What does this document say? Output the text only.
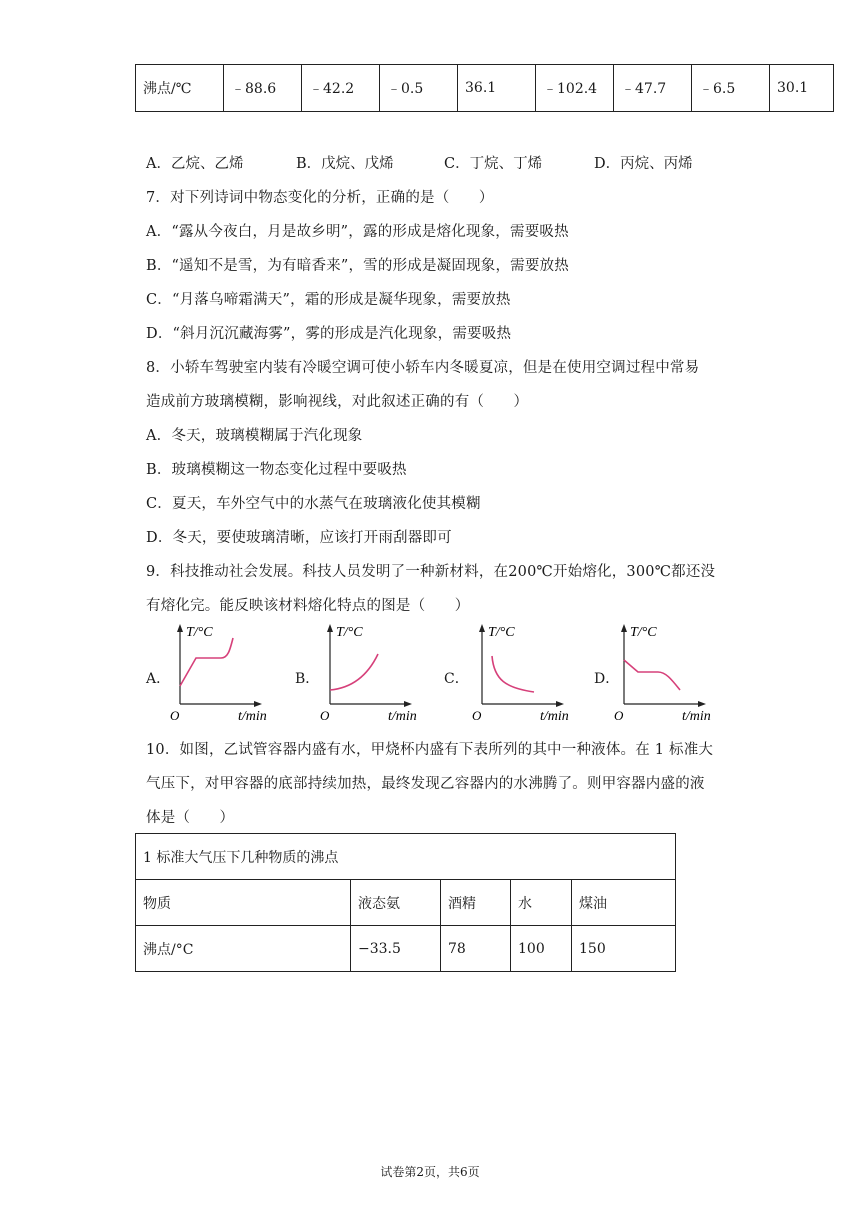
沸点/℃	﹣88.6	﹣42.2	﹣0.5	36.1	﹣102.4	﹣47.7	﹣6.5	30.1
A．乙烷、乙烯	B．戊烷、戊烯	C．丁烷、丁烯	D．丙烷、丙烯
7．对下列诗词中物态变化的分析，正确的是（　　）
A．“露从今夜白，月是故乡明”，露的形成是熔化现象，需要吸热
B．“遥知不是雪，为有暗香来”，雪的形成是凝固现象，需要放热
C．“月落乌啼霜满天”，霜的形成是凝华现象，需要放热
D．“斜月沉沉藏海雾”，雾的形成是汽化现象，需要吸热
8．小轿车驾驶室内装有冷暖空调可使小轿车内冬暖夏凉，但是在使用空调过程中常易
造成前方玻璃模糊，影响视线，对此叙述正确的有（　　）
A．冬天，玻璃模糊属于汽化现象
B．玻璃模糊这一物态变化过程中要吸热
C．夏天，车外空气中的水蒸气在玻璃液化使其模糊
D．冬天，要使玻璃清晰，应该打开雨刮器即可
9．科技推动社会发展。科技人员发明了一种新材料，在200℃开始熔化，300℃都还没
有熔化完。能反映该材料熔化特点的图是（　　）
A．	B．	C．	D．
T/°C
O	t/min
T/°C
O	t/min
T/°C
O	t/min
T/°C
O	t/min
10．如图，乙试管容器内盛有水，甲烧杯内盛有下表所列的其中一种液体。在 1 标准大
气压下，对甲容器的底部持续加热，最终发现乙容器内的水沸腾了。则甲容器内盛的液
体是（　　）
1 标准大气压下几种物质的沸点				
物质	液态氨	酒精	水	煤油
沸点/°C	−33.5	78	100	150
试卷第2页，共6页
